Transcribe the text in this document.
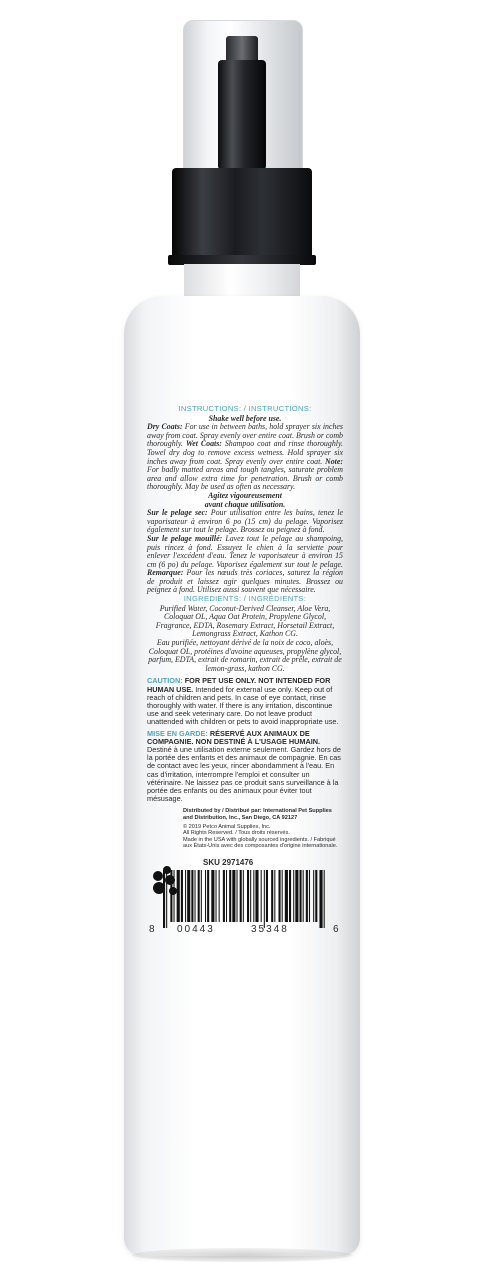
INSTRUCTIONS: / INSTRUCTIONS:
Shake well before use.
Dry Coats: For use in between baths, hold sprayer six inches away from coat. Spray evenly over entire coat. Brush or comb thoroughly. Wet Coats: Shampoo coat and rinse thoroughly. Towel dry dog to remove excess wetness. Hold sprayer six inches away from coat. Spray evenly over entire coat. Note: For badly matted areas and tough tangles, saturate problem area and allow extra time for penetration. Brush or comb thoroughly. May be used as often as necessary.
Agitez vigoureusement
avant chaque utilisation.
Sur le pelage sec: Pour utilisation entre les bains, tenez le vaporisateur à environ 6 po (15 cm) du pelage. Vaporisez également sur tout le pelage. Brossez ou peignez à fond.
Sur le pelage mouillé: Lavez tout le pelage au shampoing, puis rincez à fond. Essuyez le chien à la serviette pour enlever l'excédent d'eau. Tenez le vaporisateur à environ 15 cm (6 po) du pelage. Vaporisez également sur tout le pelage. Remarque: Pour les nœuds très coriaces, saturez la région de produit et laissez agir quelques minutes. Brossez ou peignez à fond. Utilisez aussi souvent que nécessaire.
INGREDIENTS: / INGRÉDIENTS:
Purified Water, Coconut-Derived Cleanser, Aloe Vera, Coloquat OL, Aqua Oat Protein, Propylene Glycol, Fragrance, EDTA, Rosemary Extract, Horsetail Extract, Lemongrass Extract, Kathon CG.
Eau purifiée, nettoyant dérivé de la noix de coco, aloès, Coloquat OL, protéines d'avoine aqueuses, propylène glycol, parfum, EDTA, extrait de romarin, extrait de prêle, extrait de lemon-grass, kathon CG.
CAUTION: FOR PET USE ONLY. NOT INTENDED FOR HUMAN USE. Intended for external use only. Keep out of reach of children and pets. In case of eye contact, rinse thoroughly with water. If there is any irritation, discontinue use and seek veterinary care. Do not leave product unattended with children or pets to avoid inappropriate use.
MISE EN GARDE: RÉSERVÉ AUX ANIMAUX DE COMPAGNIE. NON DESTINÉ À L'USAGE HUMAIN. Destiné à une utilisation externe seulement. Gardez hors de la portée des enfants et des animaux de compagnie. En cas de contact avec les yeux, rincer abondamment à l'eau. En cas d'irritation, interrompre l'emploi et consulter un vétérinaire. Ne laissez pas ce produit sans surveillance à la portée des enfants ou des animaux pour éviter tout mésusage.
Distributed by / Distribué par: International Pet Supplies and Distribution, Inc., San Diego, CA 92127
© 2019 Petco Animal Supplies, Inc.
All Rights Reserved. / Tous droits réservés.
Made in the USA with globally sourced ingredients. / Fabriqué aux États-Unis avec des composantes d'origine internationale.
SKU 2971476
8 00443	35348	6
